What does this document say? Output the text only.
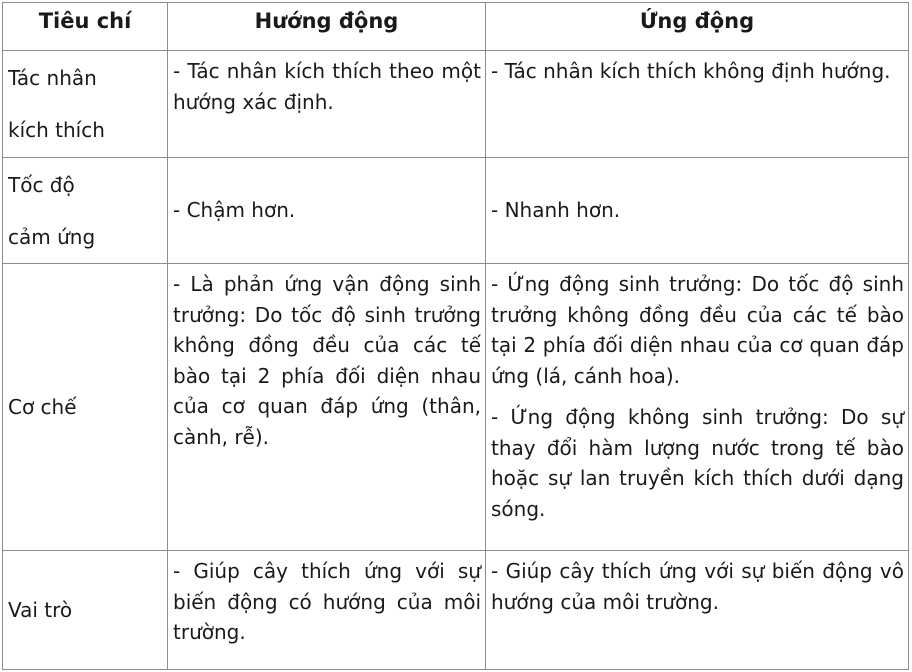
Tiêu chí	Hướng động	Ứng động
Tác nhân
kích thích	- Tác nhân kích thích theo một hướng xác định.	- Tác nhân kích thích không định hướng.

Tốc độ
cảm ứng	- Chậm hơn.	- Nhanh hơn.
Cơ chế	- Là phản ứng vận động sinh trưởng: Do tốc độ sinh trưởng không đồng đều của các tế bào tại 2 phía đối diện nhau của cơ quan đáp ứng (thân, cành, rễ).	- Ứng động sinh trưởng: Do tốc độ sinh trưởng không đồng đều của các tế bào tại 2 phía đối diện nhau của cơ quan đáp ứng (lá, cánh hoa).

- Ứng động không sinh trưởng: Do sự thay đổi hàm lượng nước trong tế bào hoặc sự lan truyền kích thích dưới dạng sóng.

Vai trò	- Giúp cây thích ứng với sự biến động có hướng của môi trường.	- Giúp cây thích ứng với sự biến động vô hướng của môi trường.
